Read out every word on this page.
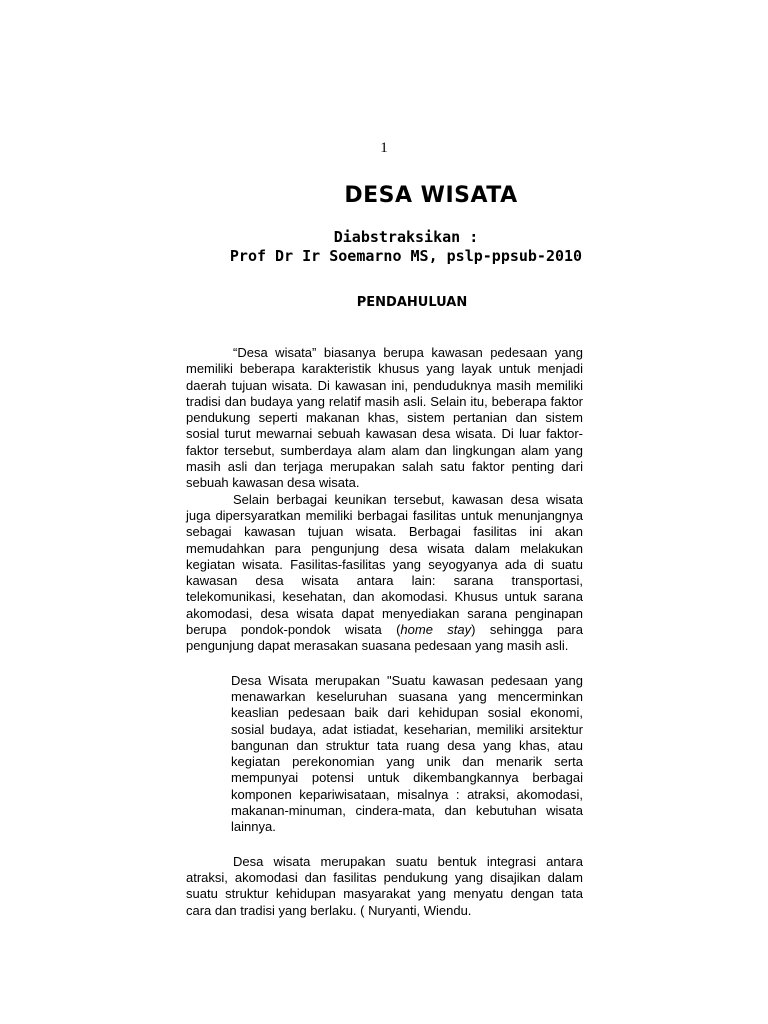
1
DESA WISATA
Diabstraksikan :
Prof Dr Ir Soemarno MS, pslp-ppsub-2010
PENDAHULUAN

“Desa wisata” biasanya berupa kawasan pedesaan yang memiliki beberapa karakteristik khusus yang layak untuk menjadi daerah tujuan wisata. Di kawasan ini, penduduknya masih memiliki tradisi dan budaya yang relatif masih asli. Selain itu, beberapa faktor pendukung seperti makanan khas, sistem pertanian dan sistem sosial turut mewarnai sebuah kawasan desa wisata. Di luar faktor-faktor tersebut, sumberdaya alam alam dan lingkungan alam yang masih asli dan terjaga merupakan salah satu faktor penting dari sebuah kawasan desa wisata.

Selain berbagai keunikan tersebut, kawasan desa wisata juga dipersyaratkan memiliki berbagai fasilitas untuk menunjangnya sebagai kawasan tujuan wisata. Berbagai fasilitas ini akan memudahkan para pengunjung desa wisata dalam melakukan kegiatan wisata. Fasilitas-fasilitas yang seyogyanya ada di suatu kawasan desa wisata antara lain: sarana transportasi, telekomunikasi, kesehatan, dan akomodasi. Khusus untuk sarana akomodasi, desa wisata dapat menyediakan sarana penginapan berupa pondok-pondok wisata (home stay) sehingga para pengunjung dapat merasakan suasana pedesaan yang masih asli.

Desa Wisata merupakan "Suatu kawasan pedesaan yang menawarkan keseluruhan suasana yang mencerminkan keaslian pedesaan baik dari kehidupan sosial ekonomi, sosial budaya, adat istiadat, keseharian, memiliki arsitektur bangunan dan struktur tata ruang desa yang khas, atau kegiatan perekonomian yang unik dan menarik serta mempunyai potensi untuk dikembangkannya berbagai komponen kepariwisataan, misalnya : atraksi, akomodasi, makanan-minuman, cindera-mata, dan kebutuhan wisata lainnya.

Desa wisata merupakan suatu bentuk integrasi antara atraksi, akomodasi dan fasilitas pendukung yang disajikan dalam suatu struktur kehidupan masyarakat yang menyatu dengan tata cara dan tradisi yang berlaku. ( Nuryanti, Wiendu.
